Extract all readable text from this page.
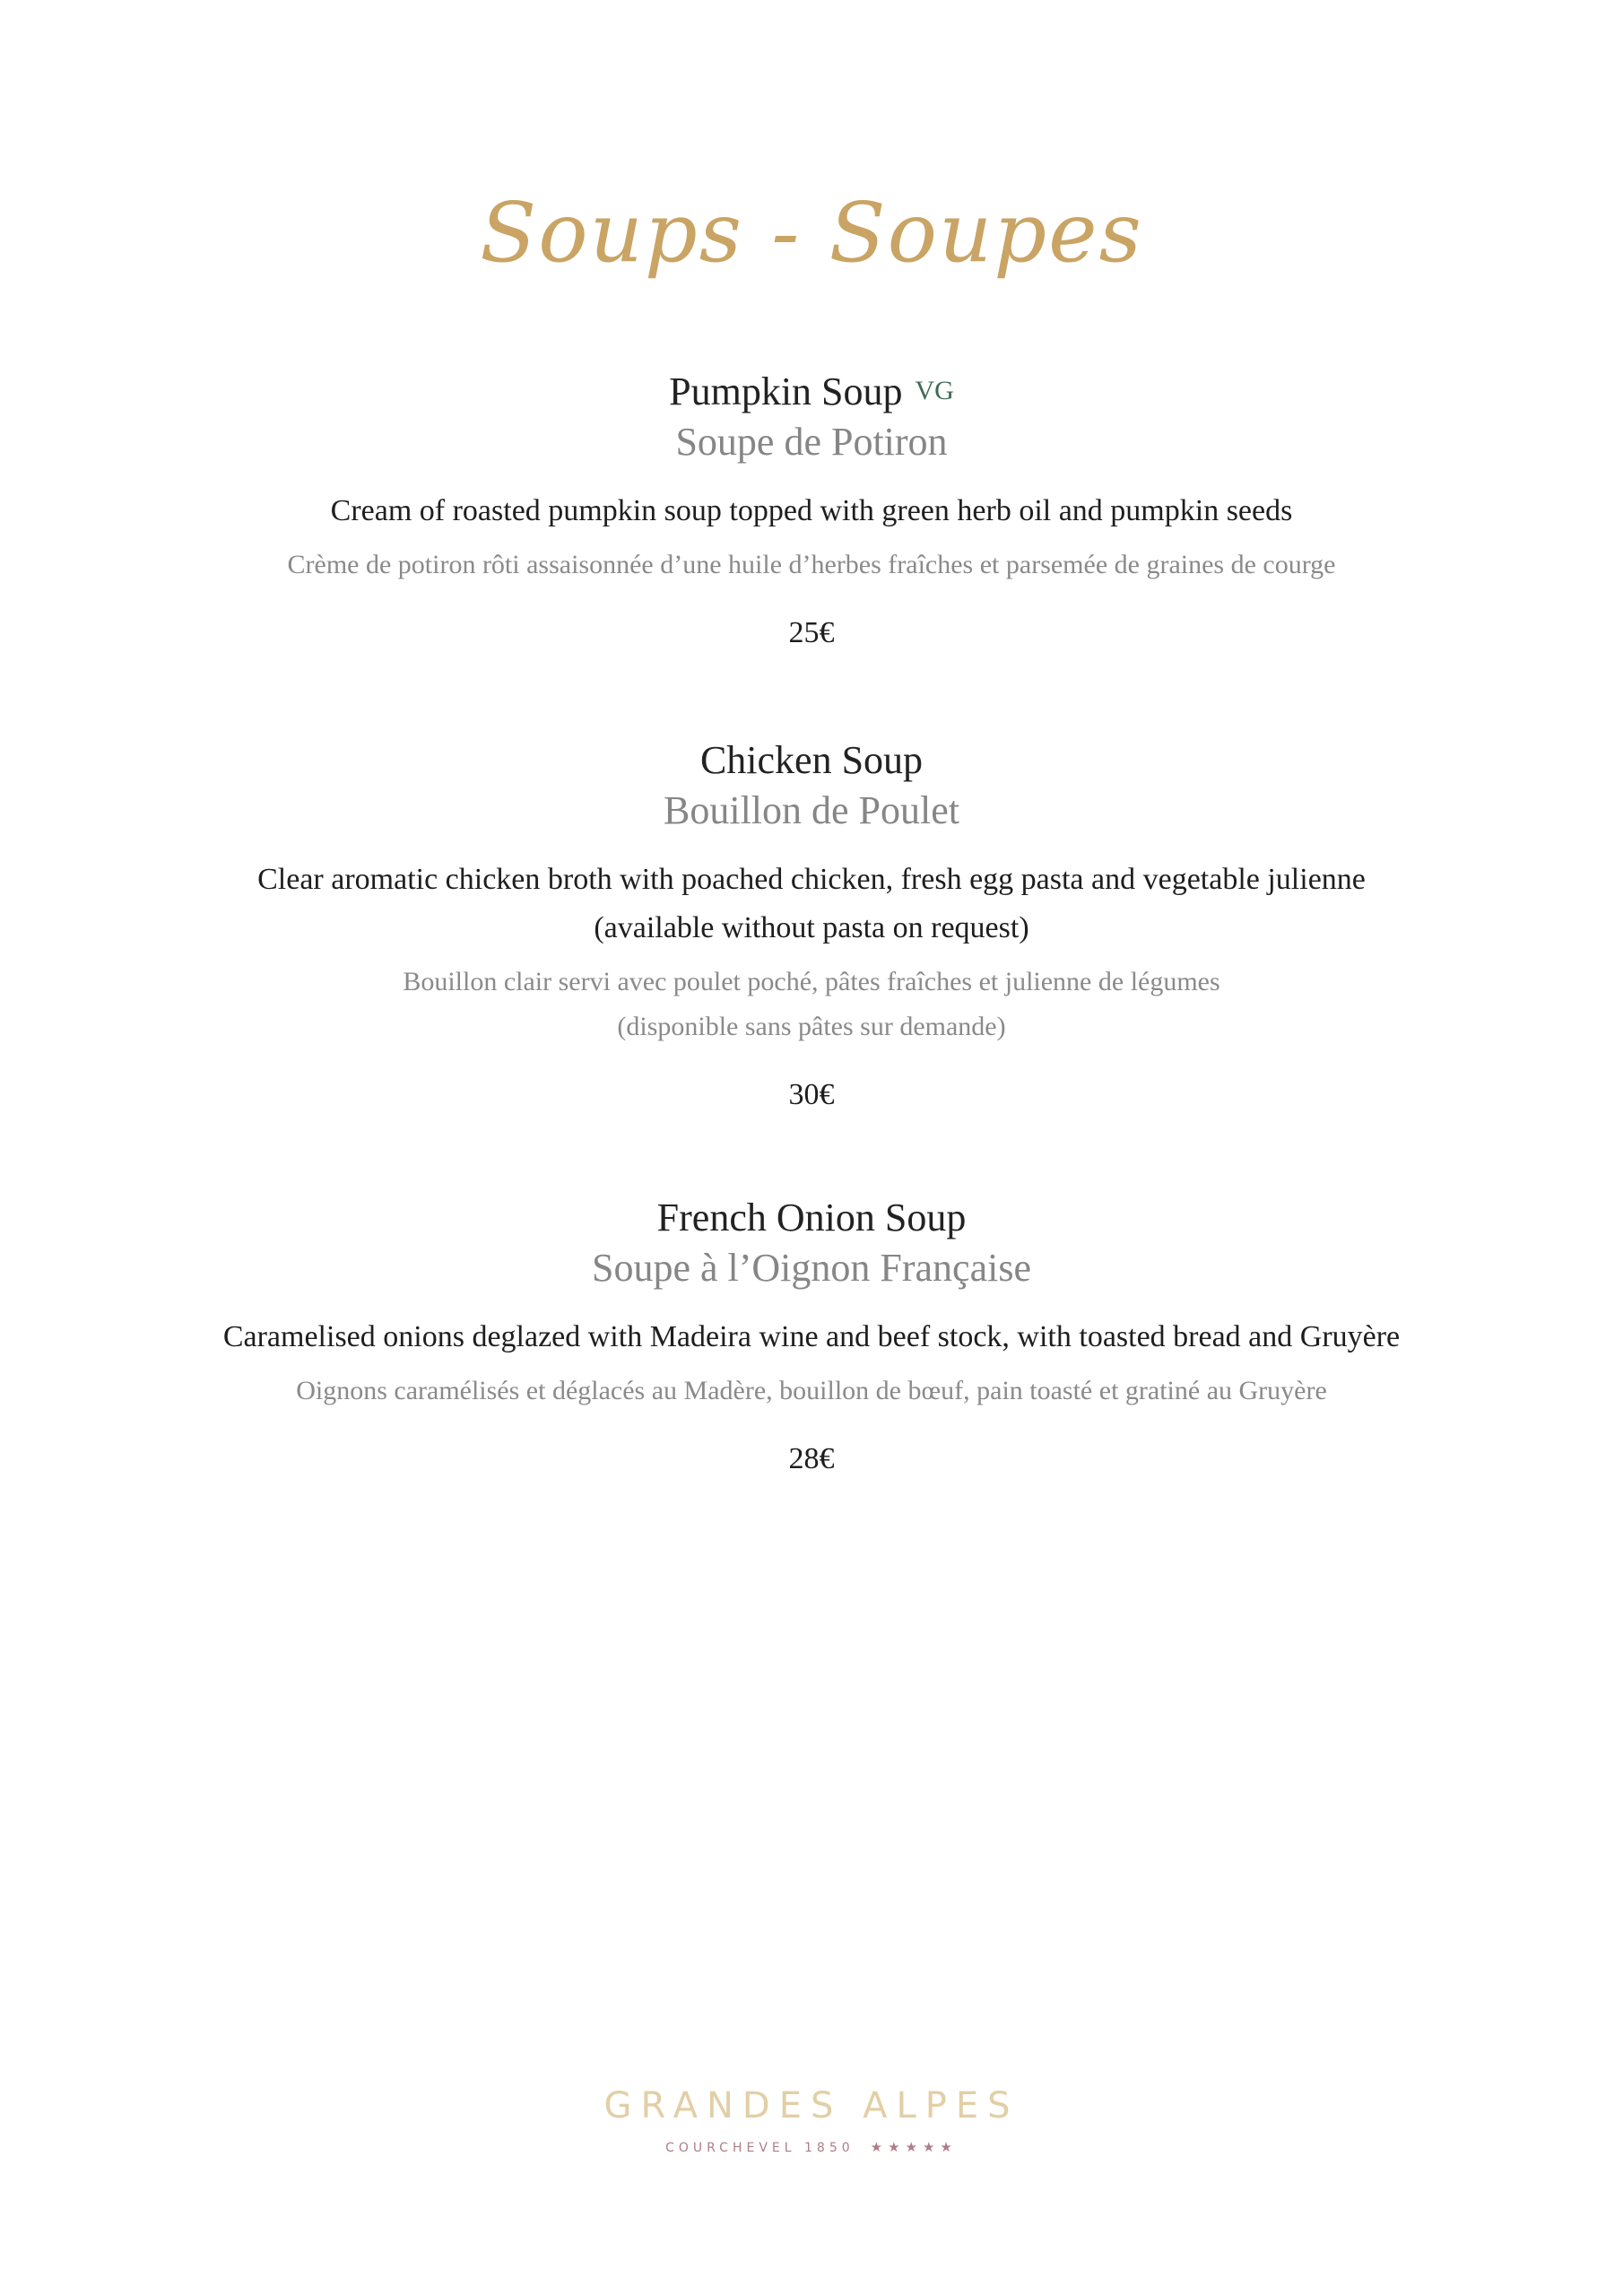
Soups - Soupes
Pumpkin Soup VG
Soupe de Potiron
Cream of roasted pumpkin soup topped with green herb oil and pumpkin seeds
Crème de potiron rôti assaisonnée d’une huile d’herbes fraîches et parsemée de graines de courge
25€
Chicken Soup
Bouillon de Poulet
Clear aromatic chicken broth with poached chicken, fresh egg pasta and vegetable julienne
(available without pasta on request)
Bouillon clair servi avec poulet poché, pâtes fraîches et julienne de légumes
(disponible sans pâtes sur demande)
30€
French Onion Soup
Soupe à l’Oignon Française
Caramelised onions deglazed with Madeira wine and beef stock, with toasted bread and Gruyère
Oignons caramélisés et déglacés au Madère, bouillon de bœuf, pain toasté et gratiné au Gruyère
28€
GRANDES ALPES
COURCHEVEL 1850 ★★★★★
